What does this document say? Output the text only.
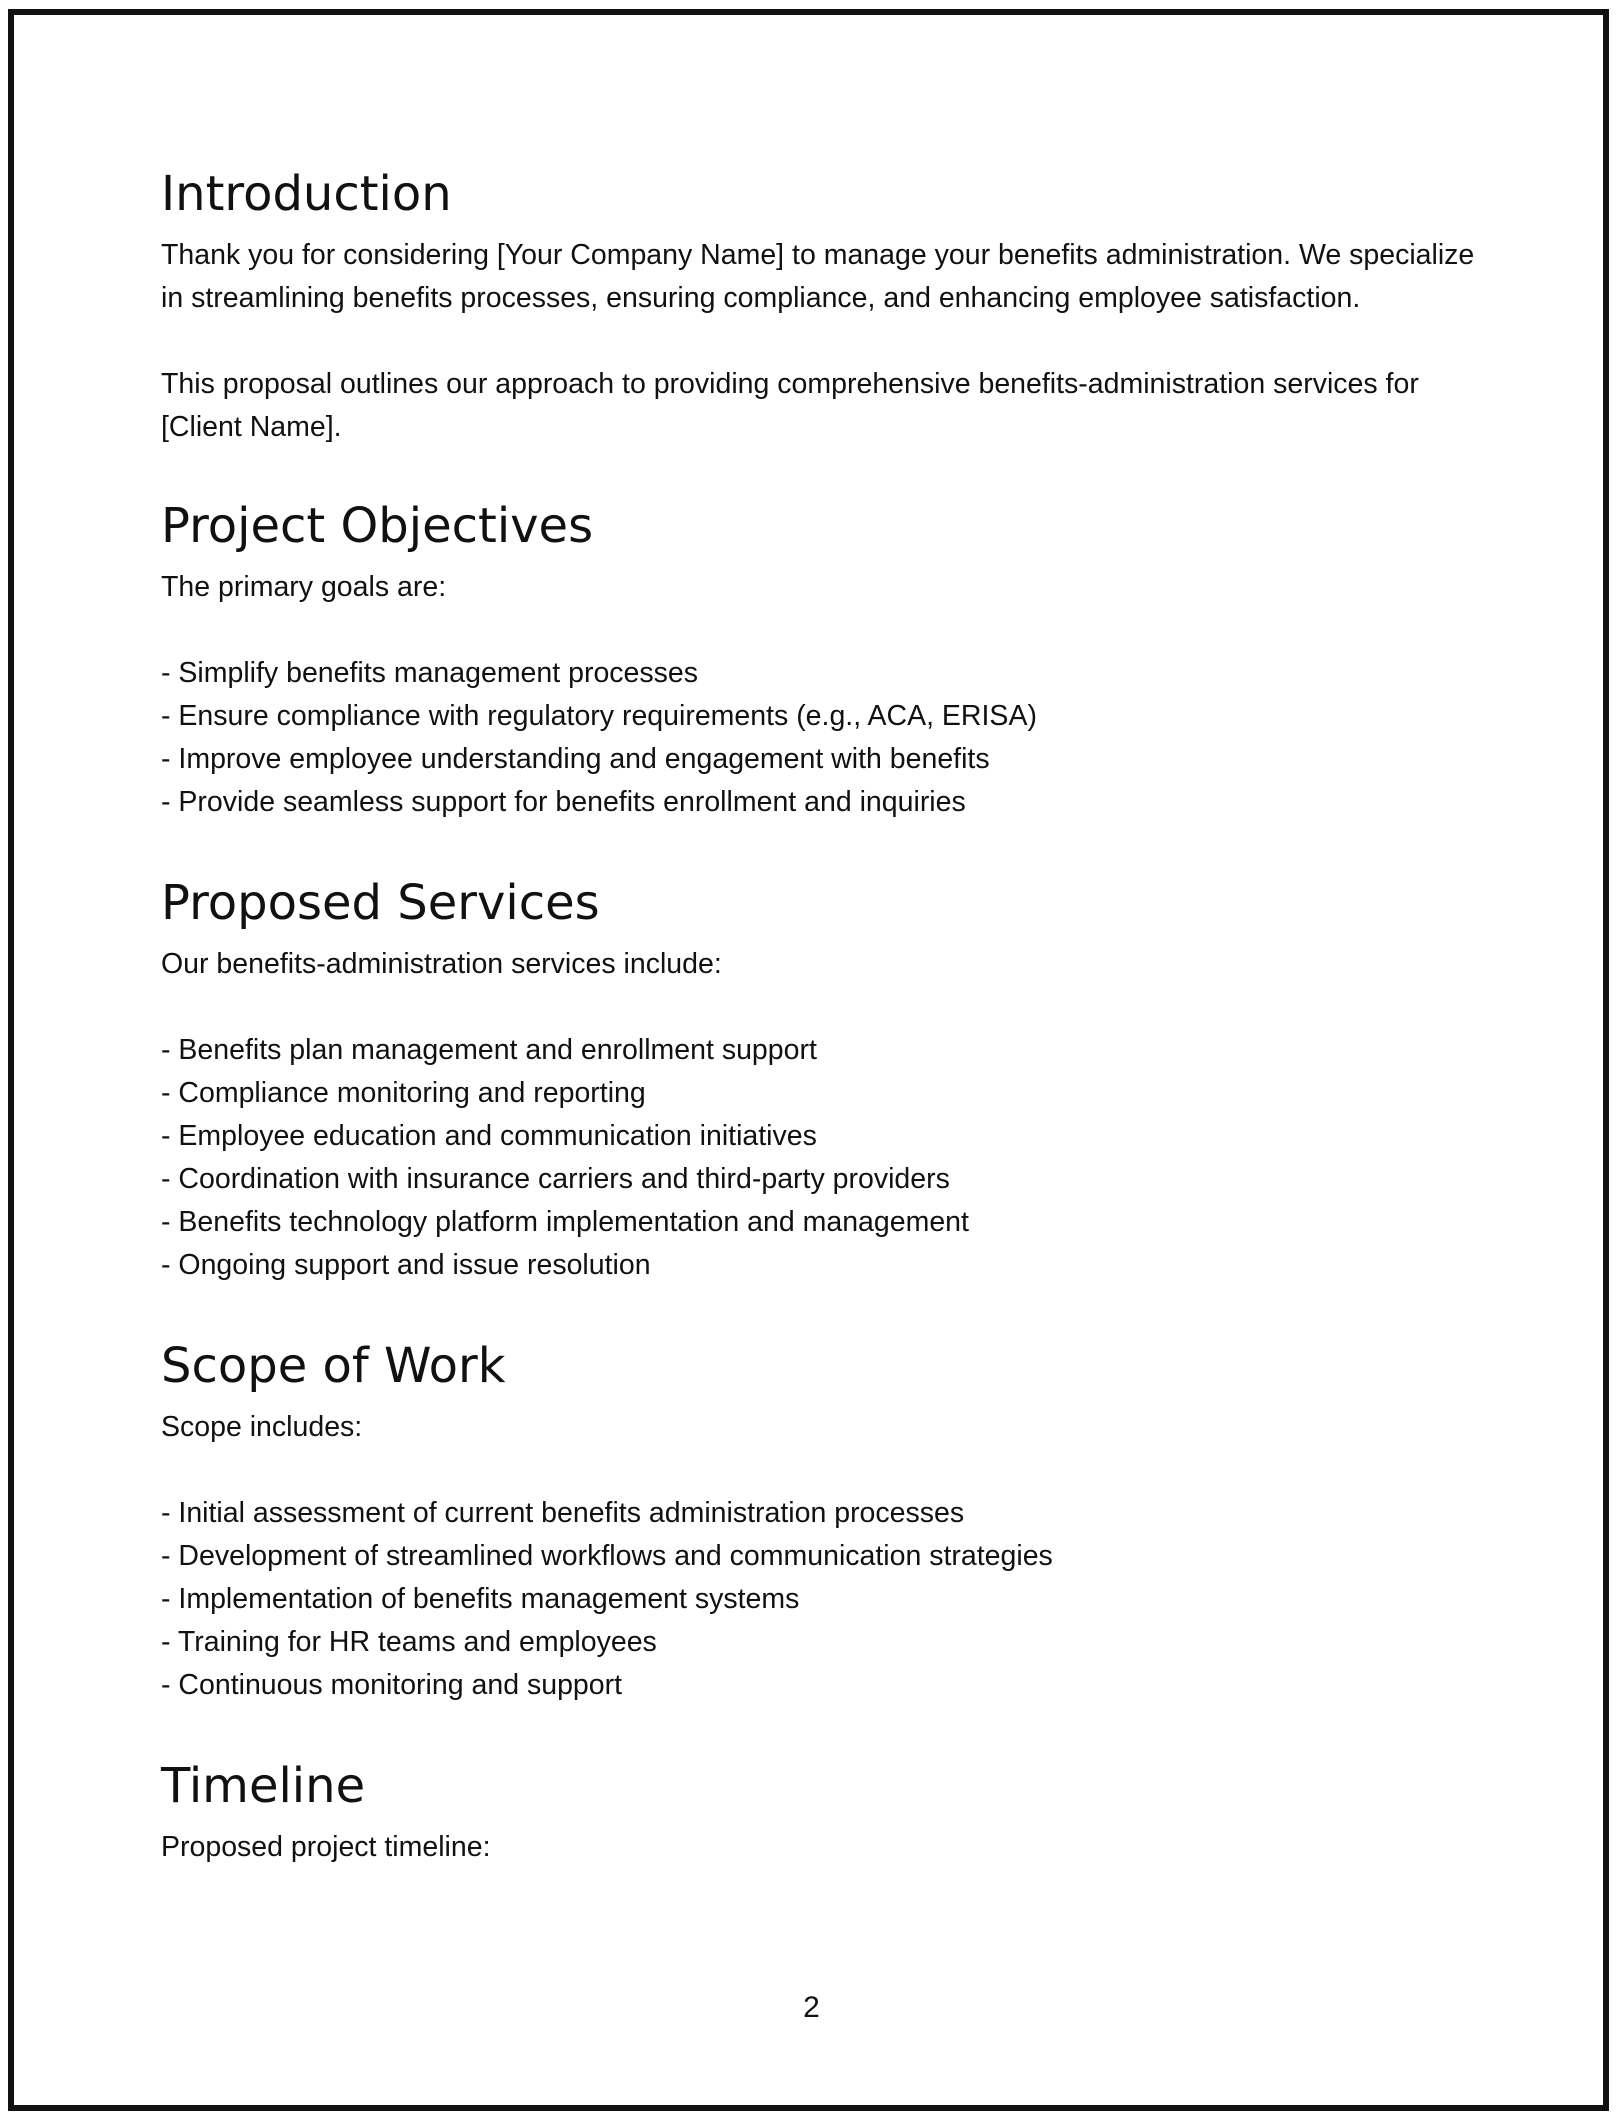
Introduction

Thank you for considering [Your Company Name] to manage your benefits administration. We specialize in streamlining benefits processes, ensuring compliance, and enhancing employee satisfaction.

This proposal outlines our approach to providing comprehensive benefits-administration services for [Client Name].

Project Objectives

The primary goals are:

- Simplify benefits management processes
- Ensure compliance with regulatory requirements (e.g., ACA, ERISA)
- Improve employee understanding and engagement with benefits
- Provide seamless support for benefits enrollment and inquiries
Proposed Services

Our benefits-administration services include:

- Benefits plan management and enrollment support
- Compliance monitoring and reporting
- Employee education and communication initiatives
- Coordination with insurance carriers and third-party providers
- Benefits technology platform implementation and management
- Ongoing support and issue resolution
Scope of Work

Scope includes:

- Initial assessment of current benefits administration processes
- Development of streamlined workflows and communication strategies
- Implementation of benefits management systems
- Training for HR teams and employees
- Continuous monitoring and support
Timeline

Proposed project timeline:

2
